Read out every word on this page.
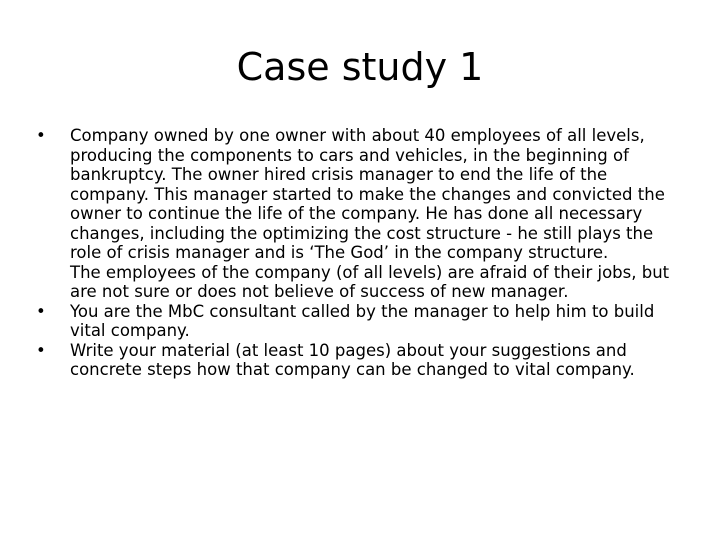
Case study 1
•	Company owned by one owner with about 40 employees of all levels, producing the components to cars and vehicles, in the beginning of bankruptcy. The owner hired crisis manager to end the life of the company. This manager started to make the changes and convicted the owner to continue the life of the company. He has done all necessary changes, including the optimizing the cost structure - he still plays the role of crisis manager and is ‘The God’ in the company structure.
The employees of the company (of all levels) are afraid of their jobs, but are not sure or does not believe of success of new manager.
•	You are the MbC consultant called by the manager to help him to build vital company.
•	Write your material (at least 10 pages) about your suggestions and concrete steps how that company can be changed to vital company.
